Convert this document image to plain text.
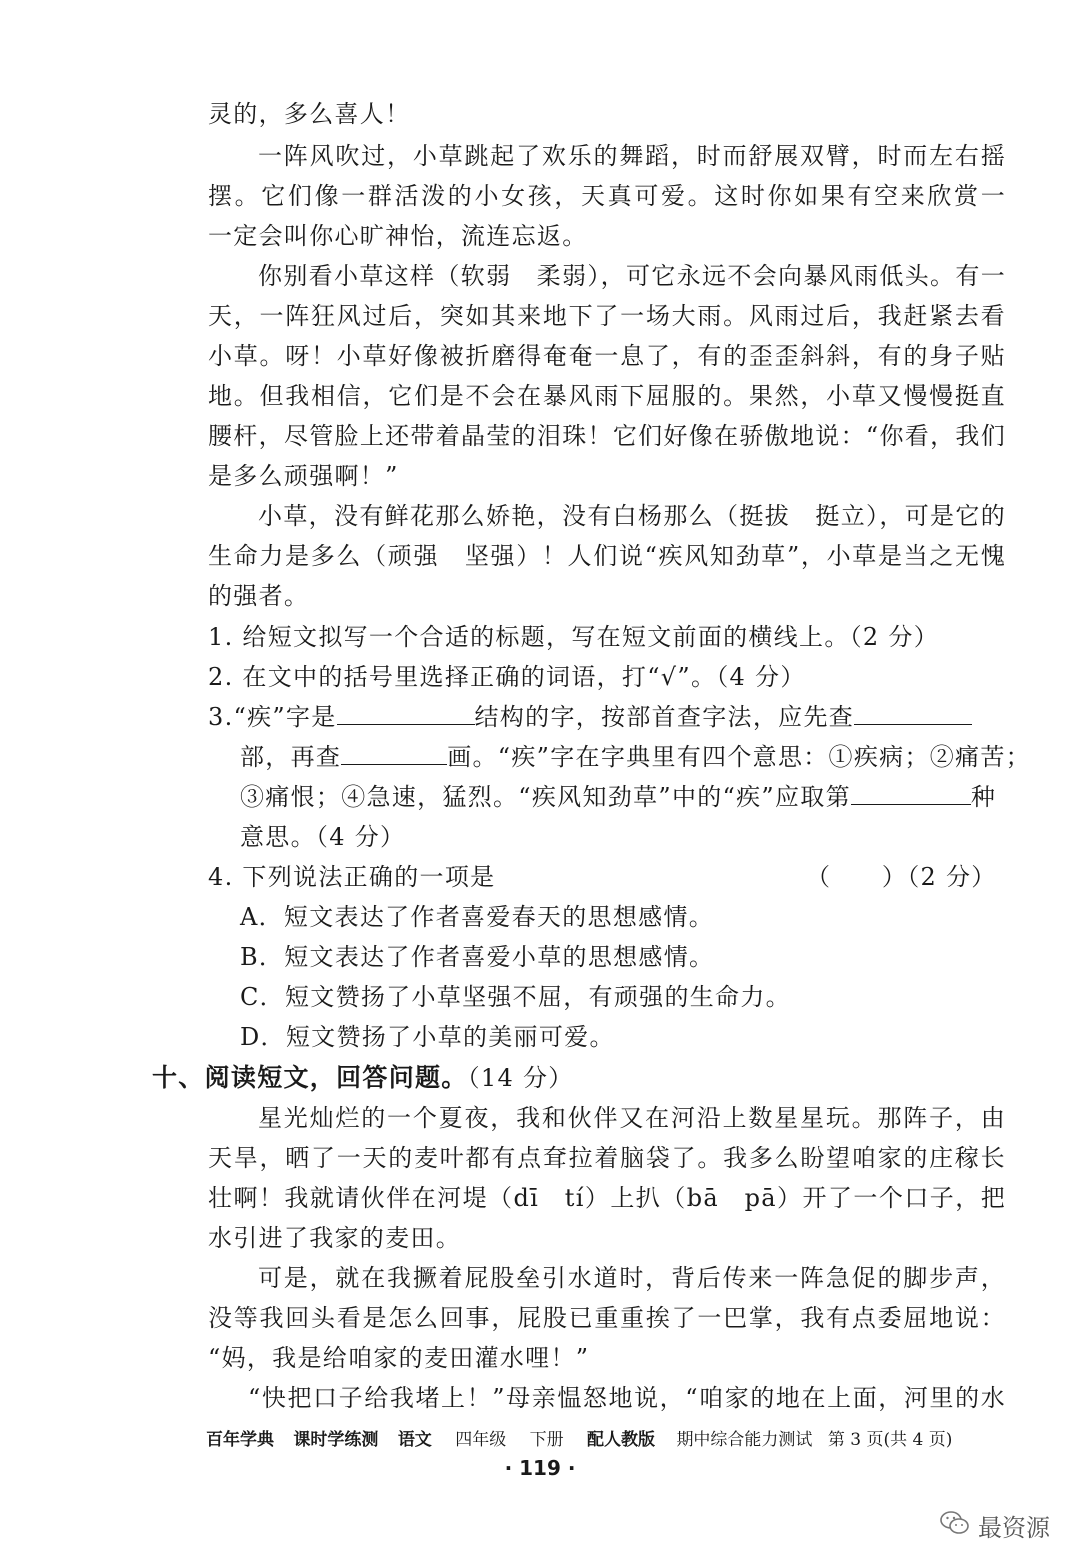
灵的，多么喜人！
一阵风吹过，小草跳起了欢乐的舞蹈，时而舒展双臂，时而左右摇
摆。它们像一群活泼的小女孩，天真可爱。这时你如果有空来欣赏一
一定会叫你心旷神怡，流连忘返。
你别看小草这样（软弱　柔弱），可它永远不会向暴风雨低头。有一
天，一阵狂风过后，突如其来地下了一场大雨。风雨过后，我赶紧去看
小草。呀！小草好像被折磨得奄奄一息了，有的歪歪斜斜，有的身子贴
地。但我相信，它们是不会在暴风雨下屈服的。果然，小草又慢慢挺直
腰杆，尽管脸上还带着晶莹的泪珠！它们好像在骄傲地说：“你看，我们
是多么顽强啊！”
小草，没有鲜花那么娇艳，没有白杨那么（挺拔　挺立），可是它的
生命力是多么（顽强　坚强）！人们说“疾风知劲草”，小草是当之无愧
的强者。
1. 给短文拟写一个合适的标题，写在短文前面的横线上。（2 分）
2. 在文中的括号里选择正确的词语，打“√”。（4 分）
3.“疾”字是	结构的字，按部首查字法，应先查
部，再查	画。“疾”字在字典里有四个意思：①疾病；②痛苦；
③痛恨；④急速，猛烈。“疾风知劲草”中的“疾”应取第	种
意思。（4 分）
4. 下列说法正确的一项是	（　　）（2 分）
A．短文表达了作者喜爱春天的思想感情。
B．短文表达了作者喜爱小草的思想感情。
C．短文赞扬了小草坚强不屈，有顽强的生命力。
D．短文赞扬了小草的美丽可爱。
十、阅读短文，回答问题。（14 分）
星光灿烂的一个夏夜，我和伙伴又在河沿上数星星玩。那阵子，由
天旱，晒了一天的麦叶都有点耷拉着脑袋了。我多么盼望咱家的庄稼长
壮啊！我就请伙伴在河堤（dī　tí）上扒（bā　pā）开了一个口子，把
水引进了我家的麦田。
可是，就在我撅着屁股垒引水道时，背后传来一阵急促的脚步声，
没等我回头看是怎么回事，屁股已重重挨了一巴掌，我有点委屈地说：
“妈，我是给咱家的麦田灌水哩！”
“快把口子给我堵上！”母亲愠怒地说，“咱家的地在上面，河里的水
百年学典 课时学练测 语文 四年级 下册 配人教版 期中综合能力测试 第 3 页(共 4 页)
· 119 ·
最资源
